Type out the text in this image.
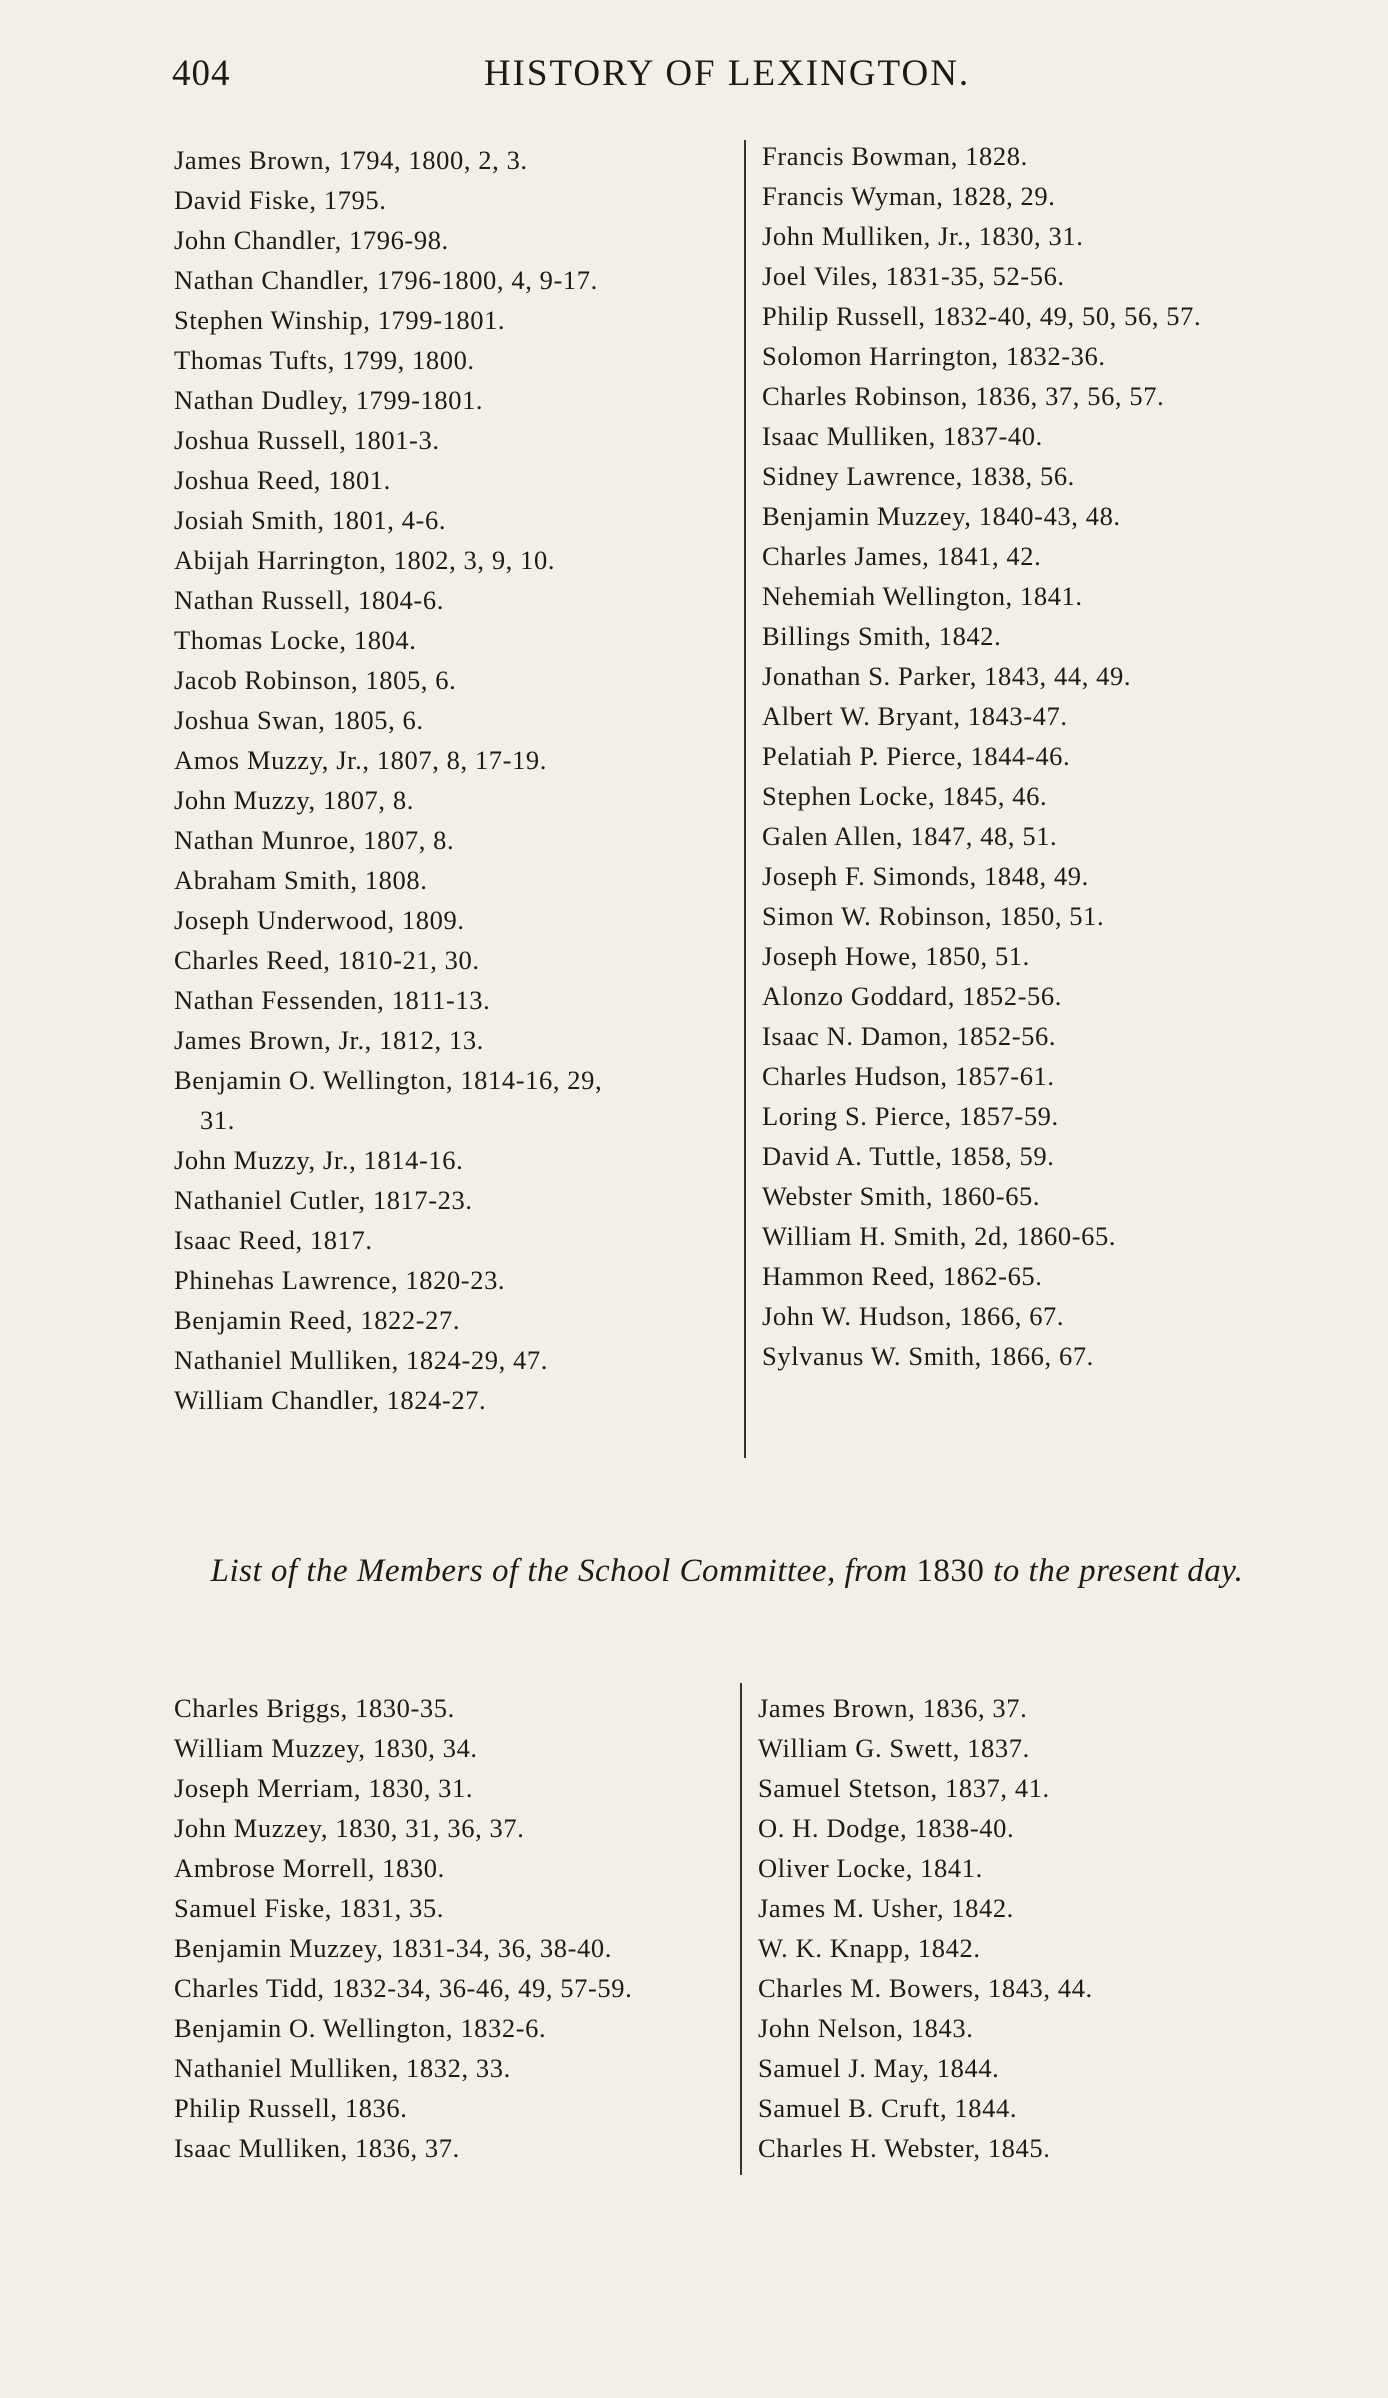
404	HISTORY OF LEXINGTON.
James Brown, 1794, 1800, 2, 3.
David Fiske, 1795.
John Chandler, 1796-98.
Nathan Chandler, 1796-1800, 4, 9-17.
Stephen Winship, 1799-1801.
Thomas Tufts, 1799, 1800.
Nathan Dudley, 1799-1801.
Joshua Russell, 1801-3.
Joshua Reed, 1801.
Josiah Smith, 1801, 4-6.
Abijah Harrington, 1802, 3, 9, 10.
Nathan Russell, 1804-6.
Thomas Locke, 1804.
Jacob Robinson, 1805, 6.
Joshua Swan, 1805, 6.
Amos Muzzy, Jr., 1807, 8, 17-19.
John Muzzy, 1807, 8.
Nathan Munroe, 1807, 8.
Abraham Smith, 1808.
Joseph Underwood, 1809.
Charles Reed, 1810-21, 30.
Nathan Fessenden, 1811-13.
James Brown, Jr., 1812, 13.
Benjamin O. Wellington, 1814-16, 29,
31.
John Muzzy, Jr., 1814-16.
Nathaniel Cutler, 1817-23.
Isaac Reed, 1817.
Phinehas Lawrence, 1820-23.
Benjamin Reed, 1822-27.
Nathaniel Mulliken, 1824-29, 47.
William Chandler, 1824-27.
Francis Bowman, 1828.
Francis Wyman, 1828, 29.
John Mulliken, Jr., 1830, 31.
Joel Viles, 1831-35, 52-56.
Philip Russell, 1832-40, 49, 50, 56, 57.
Solomon Harrington, 1832-36.
Charles Robinson, 1836, 37, 56, 57.
Isaac Mulliken, 1837-40.
Sidney Lawrence, 1838, 56.
Benjamin Muzzey, 1840-43, 48.
Charles James, 1841, 42.
Nehemiah Wellington, 1841.
Billings Smith, 1842.
Jonathan S. Parker, 1843, 44, 49.
Albert W. Bryant, 1843-47.
Pelatiah P. Pierce, 1844-46.
Stephen Locke, 1845, 46.
Galen Allen, 1847, 48, 51.
Joseph F. Simonds, 1848, 49.
Simon W. Robinson, 1850, 51.
Joseph Howe, 1850, 51.
Alonzo Goddard, 1852-56.
Isaac N. Damon, 1852-56.
Charles Hudson, 1857-61.
Loring S. Pierce, 1857-59.
David A. Tuttle, 1858, 59.
Webster Smith, 1860-65.
William H. Smith, 2d, 1860-65.
Hammon Reed, 1862-65.
John W. Hudson, 1866, 67.
Sylvanus W. Smith, 1866, 67.
List of the Members of the School Committee, from 1830 to the present day.
Charles Briggs, 1830-35.
William Muzzey, 1830, 34.
Joseph Merriam, 1830, 31.
John Muzzey, 1830, 31, 36, 37.
Ambrose Morrell, 1830.
Samuel Fiske, 1831, 35.
Benjamin Muzzey, 1831-34, 36, 38-40.
Charles Tidd, 1832-34, 36-46, 49, 57-59.
Benjamin O. Wellington, 1832-6.
Nathaniel Mulliken, 1832, 33.
Philip Russell, 1836.
Isaac Mulliken, 1836, 37.
James Brown, 1836, 37.
William G. Swett, 1837.
Samuel Stetson, 1837, 41.
O. H. Dodge, 1838-40.
Oliver Locke, 1841.
James M. Usher, 1842.
W. K. Knapp, 1842.
Charles M. Bowers, 1843, 44.
John Nelson, 1843.
Samuel J. May, 1844.
Samuel B. Cruft, 1844.
Charles H. Webster, 1845.
